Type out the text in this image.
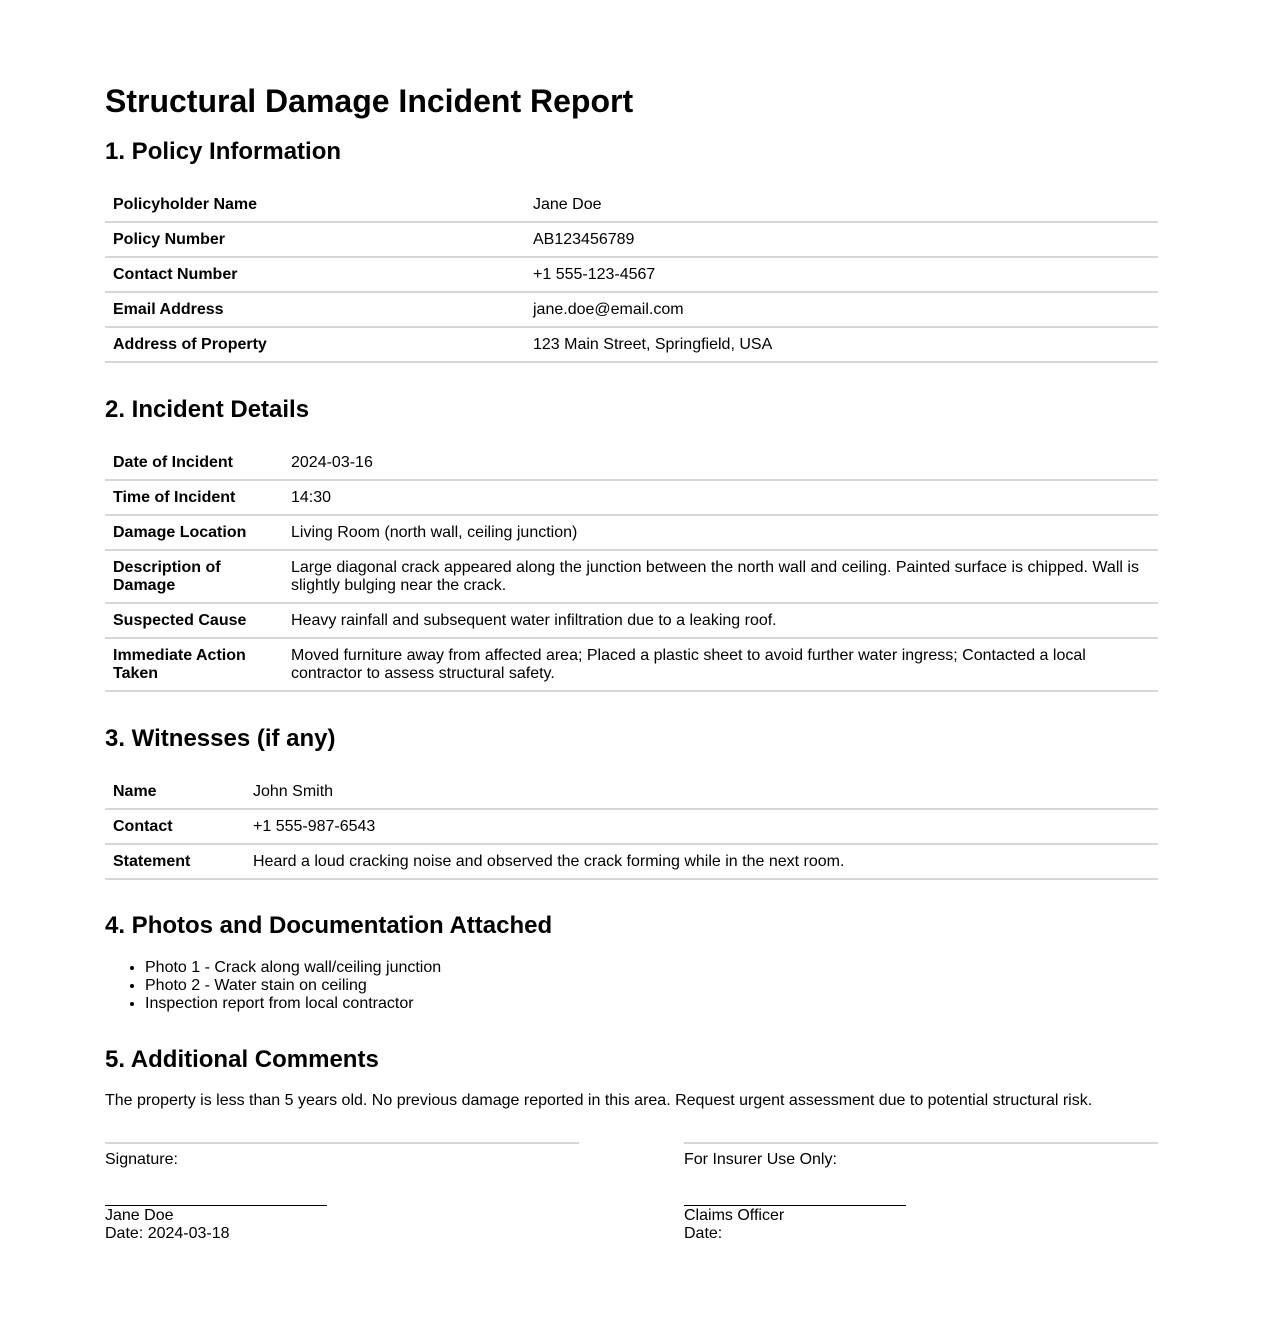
Structural Damage Incident Report
1. Policy Information
Policyholder Name	Jane Doe
Policy Number	AB123456789
Contact Number	+1 555-123-4567
Email Address	jane.doe@email.com
Address of Property	123 Main Street, Springfield, USA
2. Incident Details
Date of Incident	2024-03-16
Time of Incident	14:30
Damage Location	Living Room (north wall, ceiling junction)
Description of Damage	Large diagonal crack appeared along the junction between the north wall and ceiling. Painted surface is chipped. Wall is slightly bulging near the crack.
Suspected Cause	Heavy rainfall and subsequent water infiltration due to a leaking roof.
Immediate Action Taken	Moved furniture away from affected area; Placed a plastic sheet to avoid further water ingress; Contacted a local contractor to assess structural safety.
3. Witnesses (if any)
Name	John Smith
Contact	+1 555-987-6543
Statement	Heard a loud cracking noise and observed the crack forming while in the next room.
4. Photos and Documentation Attached
• Photo 1 - Crack along wall/ceiling junction
• Photo 2 - Water stain on ceiling
• Inspection report from local contractor
5. Additional Comments

The property is less than 5 years old. No previous damage reported in this area. Request urgent assessment due to potential structural risk.

Signature:
Jane Doe
Date: 2024-03-18
For Insurer Use Only:
Claims Officer
Date:
